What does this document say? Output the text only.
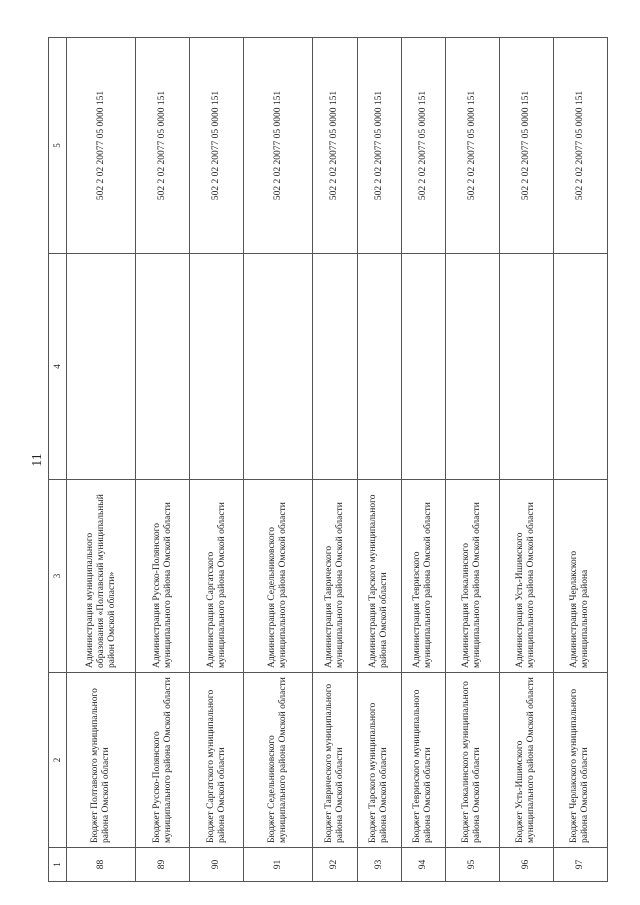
11
1	2	3	4	5
88	Бюджет Полтавского муниципального района Омской области	Администрация муниципального образования «Полтавский муниципальный район Омской области»		502 2 02 20077 05 0000 151
89	Бюджет Русско-Полянского муниципального района Омской области	Администрация Русско-Полянского муниципального района Омской области		502 2 02 20077 05 0000 151
90	Бюджет Саргатского муниципального района Омской области	Администрация Саргатского муниципального района Омской области		502 2 02 20077 05 0000 151
91	Бюджет Седельниковского муниципального района Омской области	Администрация Седельниковского муниципального района Омской области		502 2 02 20077 05 0000 151
92	Бюджет Таврического муниципального района Омской области	Администрация Таврического муниципального района Омской области		502 2 02 20077 05 0000 151
93	Бюджет Тарского муниципального района Омской области	Администрация Тарского муниципального района Омской области		502 2 02 20077 05 0000 151
94	Бюджет Тевризского муниципального района Омской области	Администрация Тевризского муниципального района Омской области		502 2 02 20077 05 0000 151
95	Бюджет Тюкалинского муниципального района Омской области	Администрация Тюкалинского муниципального района Омской области		502 2 02 20077 05 0000 151
96	Бюджет Усть-Ишимского муниципального района Омской области	Администрация Усть-Ишимского муниципального района Омской области		502 2 02 20077 05 0000 151
97	Бюджет Черлакского муниципального района Омской области	Администрация Черлакского муниципального района		502 2 02 20077 05 0000 151
